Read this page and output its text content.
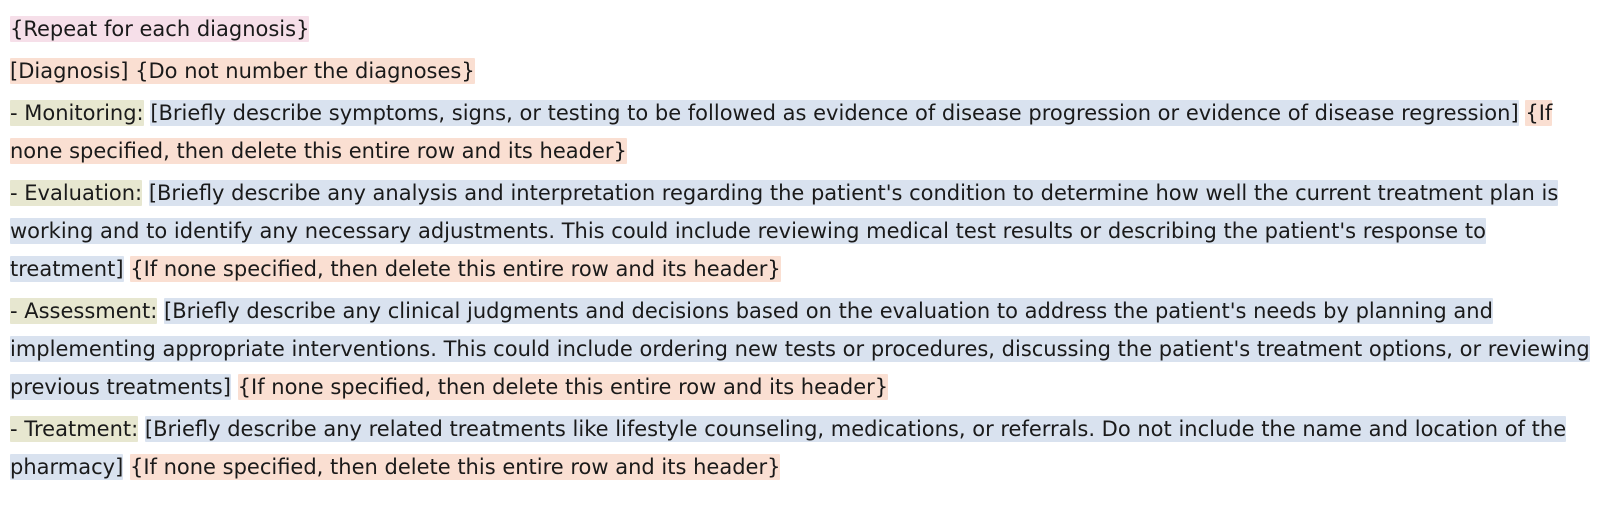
{Repeat for each diagnosis}
[Diagnosis] {Do not number the diagnoses}
- Monitoring: [Briefly describe symptoms, signs, or testing to be followed as evidence of disease progression or evidence of disease regression] {If none specified, then delete this entire row and its header}
- Evaluation: [Briefly describe any analysis and interpretation regarding the patient's condition to determine how well the current treatment plan is working and to identify any necessary adjustments. This could include reviewing medical test results or describing the patient's response to treatment] {If none specified, then delete this entire row and its header}
- Assessment: [Briefly describe any clinical judgments and decisions based on the evaluation to address the patient's needs by planning and implementing appropriate interventions. This could include ordering new tests or procedures, discussing the patient's treatment options, or reviewing previous treatments] {If none specified, then delete this entire row and its header}
- Treatment: [Briefly describe any related treatments like lifestyle counseling, medications, or referrals. Do not include the name and location of the pharmacy] {If none specified, then delete this entire row and its header}
